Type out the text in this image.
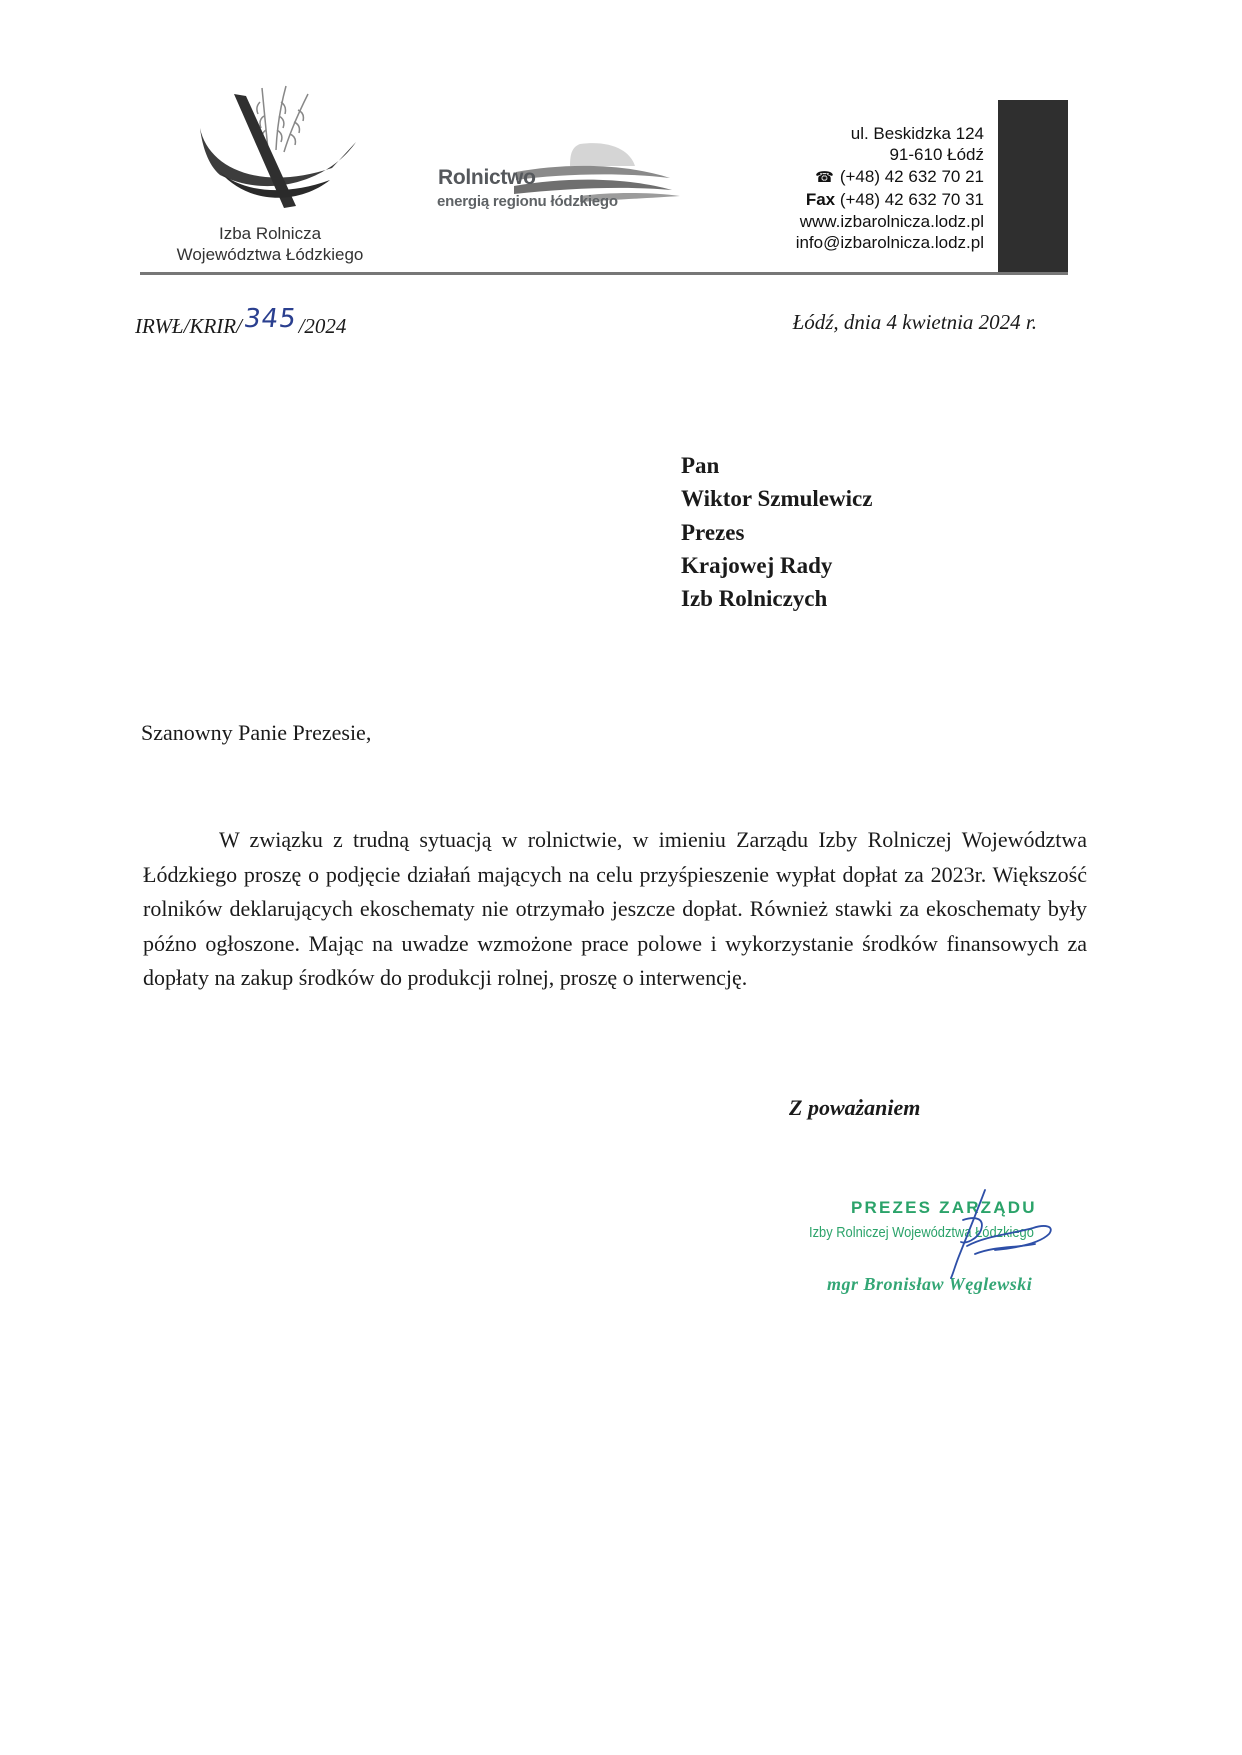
Izba Rolnicza
Województwa Łódzkiego
Rolnictwo
energią regionu łódzkiego
ul. Beskidzka 124
91-610 Łódź
☎ (+48) 42 632 70 21
Fax (+48) 42 632 70 31
www.izbarolnicza.lodz.pl
info@izbarolnicza.lodz.pl
IRWŁ/KRIR/345/2024	Łódź, dnia 4 kwietnia 2024 r.
Pan
Wiktor Szmulewicz
Prezes
Krajowej Rady
Izb Rolniczych
Szanowny Panie Prezesie,
W związku z trudną sytuacją w rolnictwie, w imieniu Zarządu Izby Rolniczej Województwa Łódzkiego proszę o podjęcie działań mających na celu przyśpieszenie wypłat dopłat za 2023r. Większość rolników deklarujących ekoschematy nie otrzymało jeszcze dopłat. Również stawki za ekoschematy były późno ogłoszone. Mając na uwadze wzmożone prace polowe i wykorzystanie środków finansowych za dopłaty na zakup środków do produkcji rolnej, proszę o interwencję.
Z poważaniem
PREZES ZARZĄDU
Izby Rolniczej Województwa Łódzkiego
mgr Bronisław Węglewski
